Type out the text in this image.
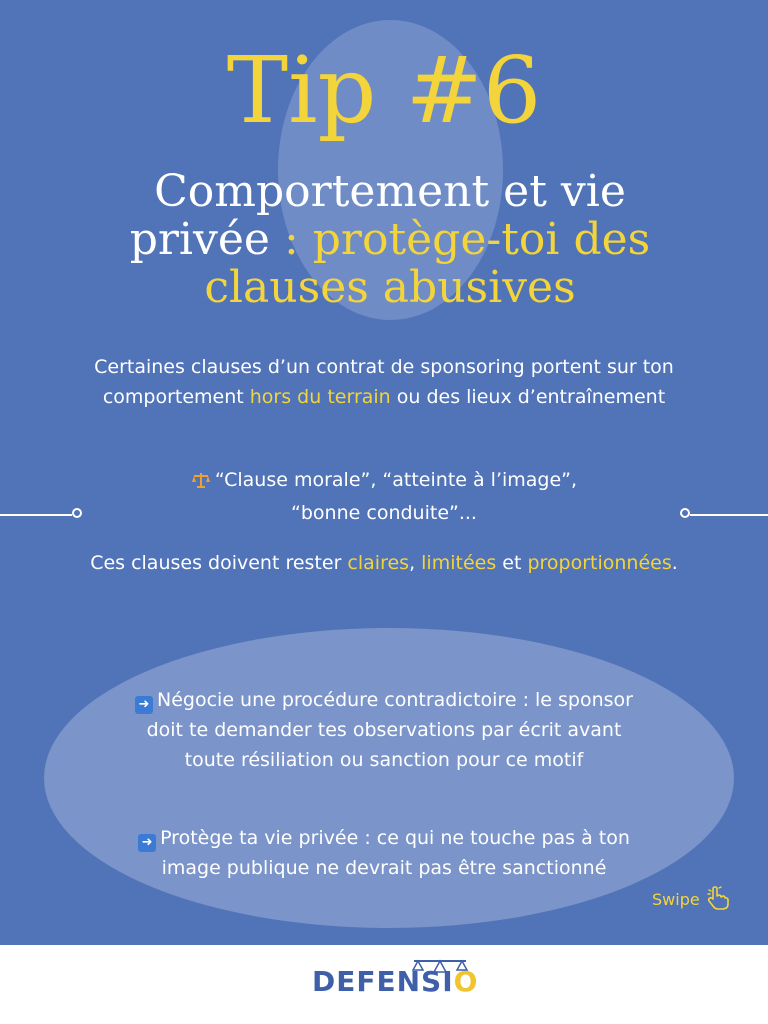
Tip #6
Comportement et vie privée : protège-toi des clauses abusives
Certaines clauses d’un contrat de sponsoring portent sur ton comportement hors du terrain ou des lieux d’entraînement
“Clause morale”, “atteinte à l’image”, “bonne conduite”...
Ces clauses doivent rester claires, limitées et proportionnées.
➜ Négocie une procédure contradictoire : le sponsor doit te demander tes observations par écrit avant toute résiliation ou sanction pour ce motif
➜ Protège ta vie privée : ce qui ne touche pas à ton image publique ne devrait pas être sanctionné
Swipe
DEFENSIO
